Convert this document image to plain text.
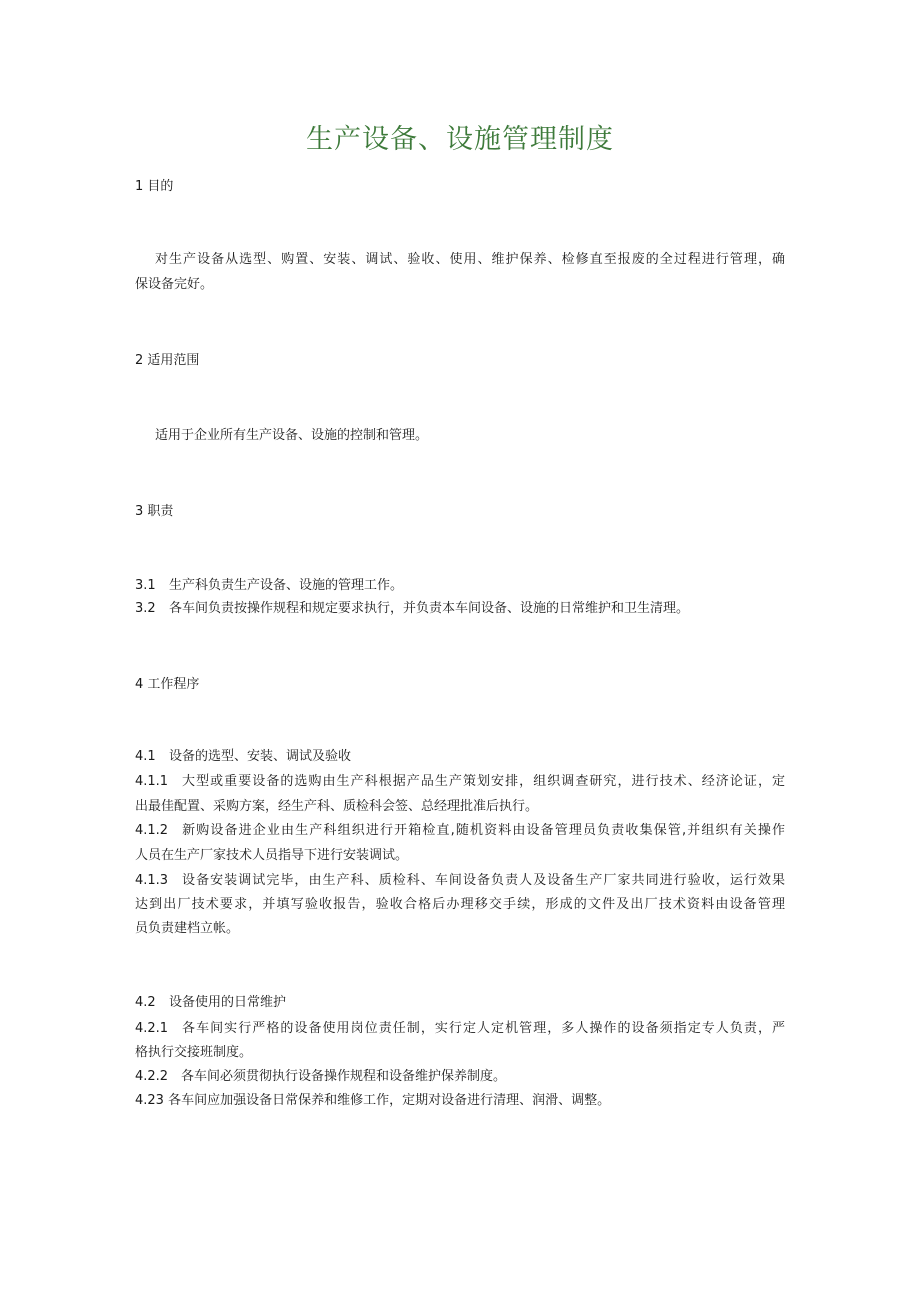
生产设备、设施管理制度
1 目的
对生产设备从选型、购置、安装、调试、验收、使用、维护保养、检修直至报废的全过程进行管理，确
保设备完好。
2 适用范围
适用于企业所有生产设备、设施的控制和管理。
3 职责
3.1 生产科负责生产设备、设施的管理工作。
3.2 各车间负责按操作规程和规定要求执行，并负责本车间设备、设施的日常维护和卫生清理。
4 工作程序
4.1 设备的选型、安装、调试及验收
4.1.1 大型或重要设备的选购由生产科根据产品生产策划安排，组织调查研究，进行技术、经济论证，定
出最佳配置、采购方案，经生产科、质检科会签、总经理批准后执行。
4.1.2 新购设备进企业由生产科组织进行开箱检直,随机资料由设备管理员负责收集保管,并组织有关操作
人员在生产厂家技术人员指导下进行安装调试。
4.1.3 设备安装调试完毕，由生产科、质检科、车间设备负责人及设备生产厂家共同进行验收，运行效果
达到出厂技术要求，并填写验收报告，验收合格后办理移交手续，形成的文件及出厂技术资料由设备管理
员负责建档立帐。
4.2 设备使用的日常维护
4.2.1 各车间实行严格的设备使用岗位责任制，实行定人定机管理，多人操作的设备须指定专人负责，严
格执行交接班制度。
4.2.2 各车间必须贯彻执行设备操作规程和设备维护保养制度。
4.23 各车间应加强设备日常保养和维修工作，定期对设备进行清理、润滑、调整。
